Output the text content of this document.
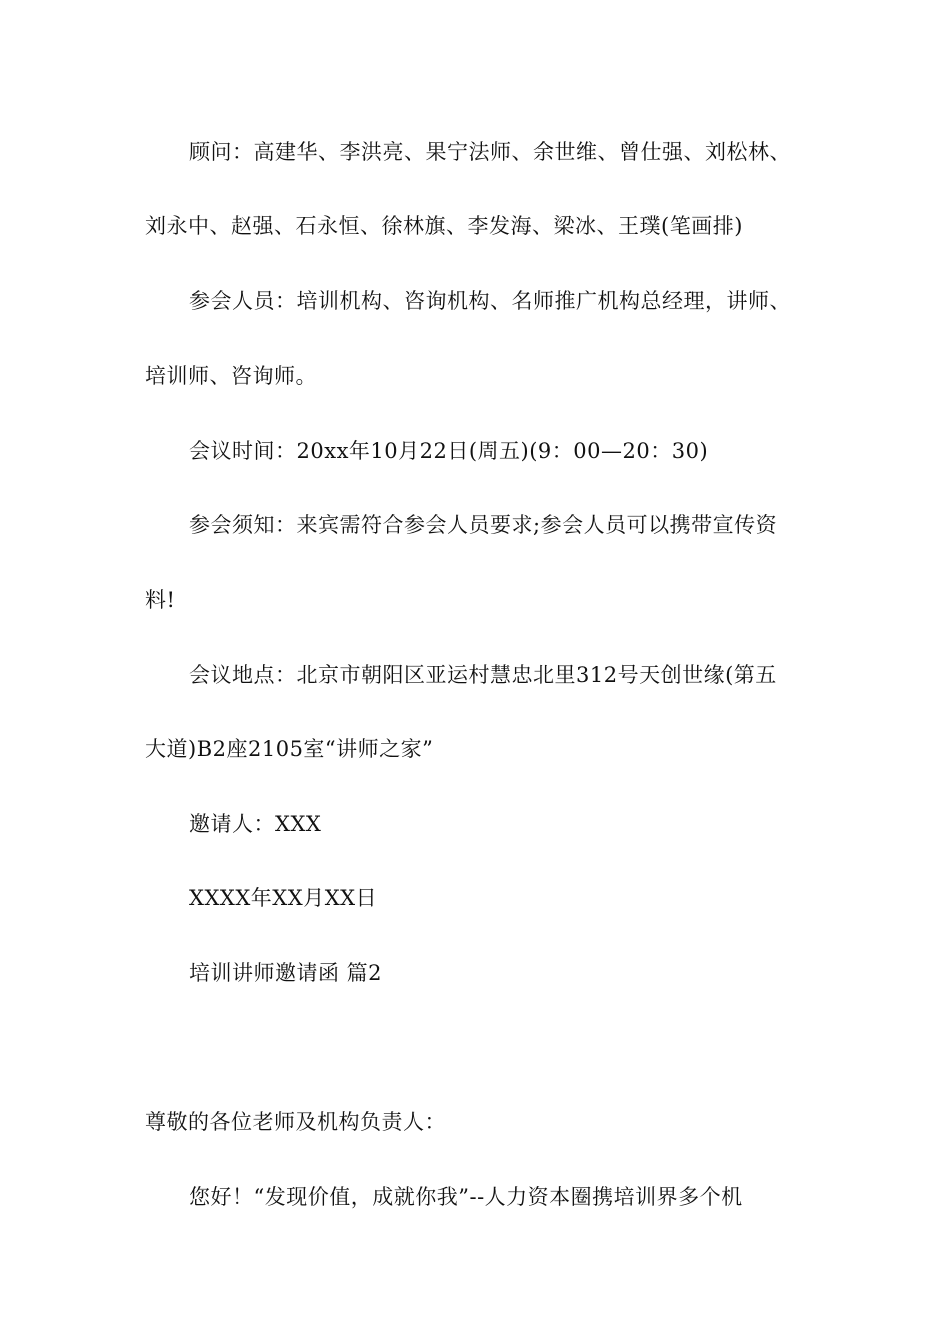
顾问：高建华、李洪亮、果宁法师、余世维、曾仕强、刘松林、
刘永中、赵强、石永恒、徐林旗、李发海、梁冰、王璞(笔画排)
参会人员：培训机构、咨询机构、名师推广机构总经理，讲师、
培训师、咨询师。
会议时间：20xx年10月22日(周五)(9：00—20：30)
参会须知：来宾需符合参会人员要求;参会人员可以携带宣传资
料!
会议地点：北京市朝阳区亚运村慧忠北里312号天创世缘(第五
大道)B2座2105室“讲师之家”
邀请人：XXX
XXXX年XX月XX日
培训讲师邀请函 篇2
尊敬的各位老师及机构负责人：
您好！“发现价值，成就你我”--人力资本圈携培训界多个机
